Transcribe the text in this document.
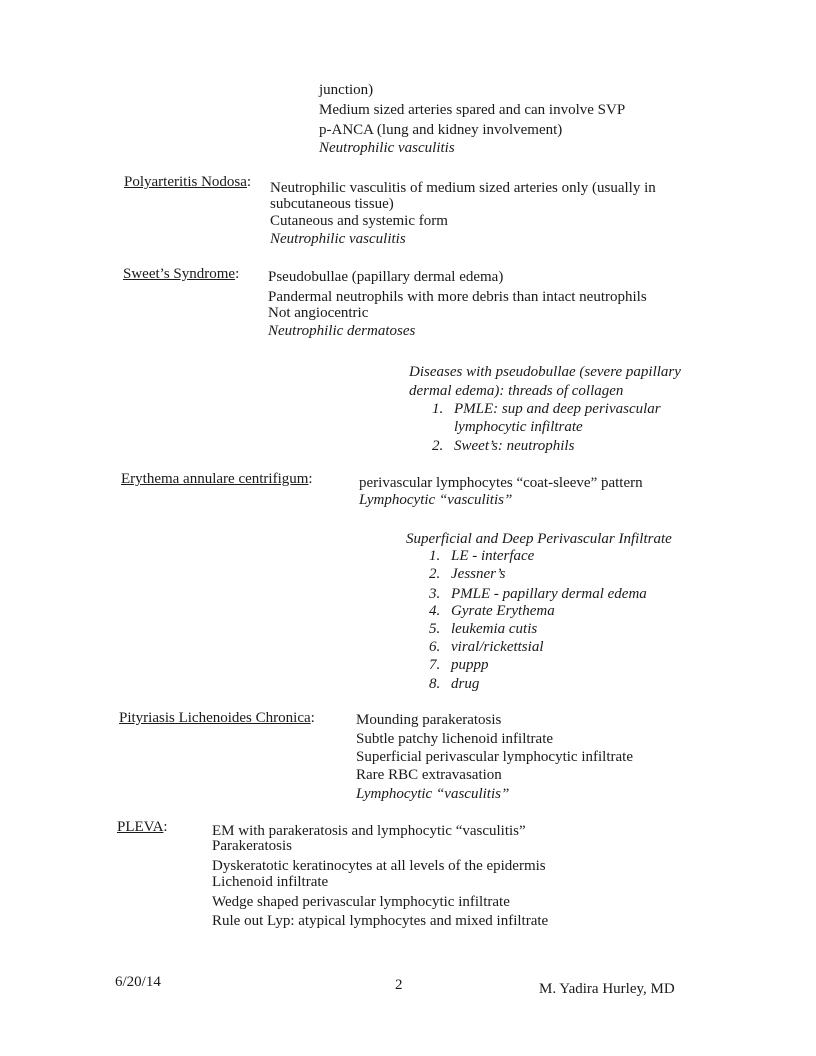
junction)
Medium sized arteries spared and can involve SVP
p-ANCA (lung and kidney involvement)
Neutrophilic vasculitis
Polyarteritis Nodosa: Neutrophilic vasculitis of medium sized arteries only (usually in
subcutaneous tissue)
Cutaneous and systemic form
Neutrophilic vasculitis
Sweet’s Syndrome: Pseudobullae (papillary dermal edema)
Pandermal neutrophils with more debris than intact neutrophils
Not angiocentric
Neutrophilic dermatoses
Diseases with pseudobullae (severe papillary
dermal edema): threads of collagen
1. PMLE: sup and deep perivascular
lymphocytic infiltrate
2. Sweet’s: neutrophils
Erythema annulare centrifigum:	perivascular lymphocytes “coat-sleeve” pattern
Lymphocytic “vasculitis”
Superficial and Deep Perivascular Infiltrate
1. LE - interface
2. Jessner’s
3. PMLE - papillary dermal edema
4. Gyrate Erythema
5. leukemia cutis
6. viral/rickettsial
7. puppp
8. drug
Pityriasis Lichenoides Chronica:	Mounding parakeratosis
Subtle patchy lichenoid infiltrate
Superficial perivascular lymphocytic infiltrate
Rare RBC extravasation
Lymphocytic “vasculitis”
PLEVA:	EM with parakeratosis and lymphocytic “vasculitis”
Parakeratosis
Dyskeratotic keratinocytes at all levels of the epidermis
Lichenoid infiltrate
Wedge shaped perivascular lymphocytic infiltrate
Rule out Lyp: atypical lymphocytes and mixed infiltrate
6/20/14	2	M. Yadira Hurley, MD
